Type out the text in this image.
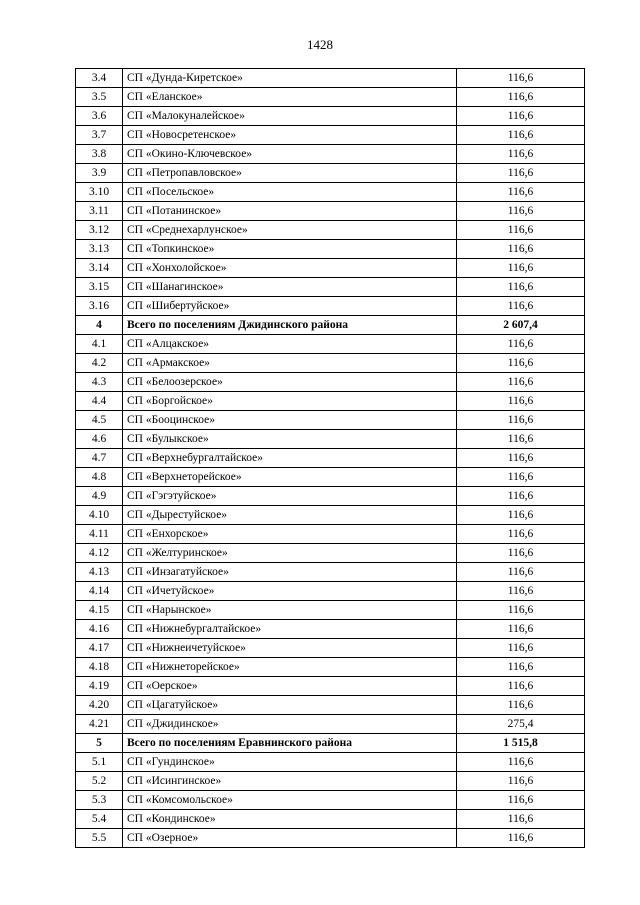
1428
3.4	СП «Дунда-Киретское»	116,6
3.5	СП «Еланское»	116,6
3.6	СП «Малокуналейское»	116,6
3.7	СП «Новосретенское»	116,6
3.8	СП «Окино-Ключевское»	116,6
3.9	СП «Петропавловское»	116,6
3.10	СП «Посельское»	116,6
3.11	СП «Потанинское»	116,6
3.12	СП «Среднехарлунское»	116,6
3.13	СП «Топкинское»	116,6
3.14	СП «Хонхолойское»	116,6
3.15	СП «Шанагинское»	116,6
3.16	СП «Шибертуйское»	116,6
4	Всего по поселениям Джидинского района	2 607,4
4.1	СП «Алцакское»	116,6
4.2	СП «Армакское»	116,6
4.3	СП «Белоозерское»	116,6
4.4	СП «Боргойское»	116,6
4.5	СП «Бооцинское»	116,6
4.6	СП «Булыкское»	116,6
4.7	СП «Верхнебургалтайское»	116,6
4.8	СП «Верхнеторейское»	116,6
4.9	СП «Гэгэтуйское»	116,6
4.10	СП «Дырестуйское»	116,6
4.11	СП «Енхорское»	116,6
4.12	СП «Желтуринское»	116,6
4.13	СП «Инзагатуйское»	116,6
4.14	СП «Ичетуйское»	116,6
4.15	СП «Нарынское»	116,6
4.16	СП «Нижнебургалтайское»	116,6
4.17	СП «Нижнеичетуйское»	116,6
4.18	СП «Нижнеторейское»	116,6
4.19	СП «Оерское»	116,6
4.20	СП «Цагатуйское»	116,6
4.21	СП «Джидинское»	275,4
5	Всего по поселениям Еравнинского района	1 515,8
5.1	СП «Гундинское»	116,6
5.2	СП «Исингинское»	116,6
5.3	СП «Комсомольское»	116,6
5.4	СП «Кондинское»	116,6
5.5	СП «Озерное»	116,6
